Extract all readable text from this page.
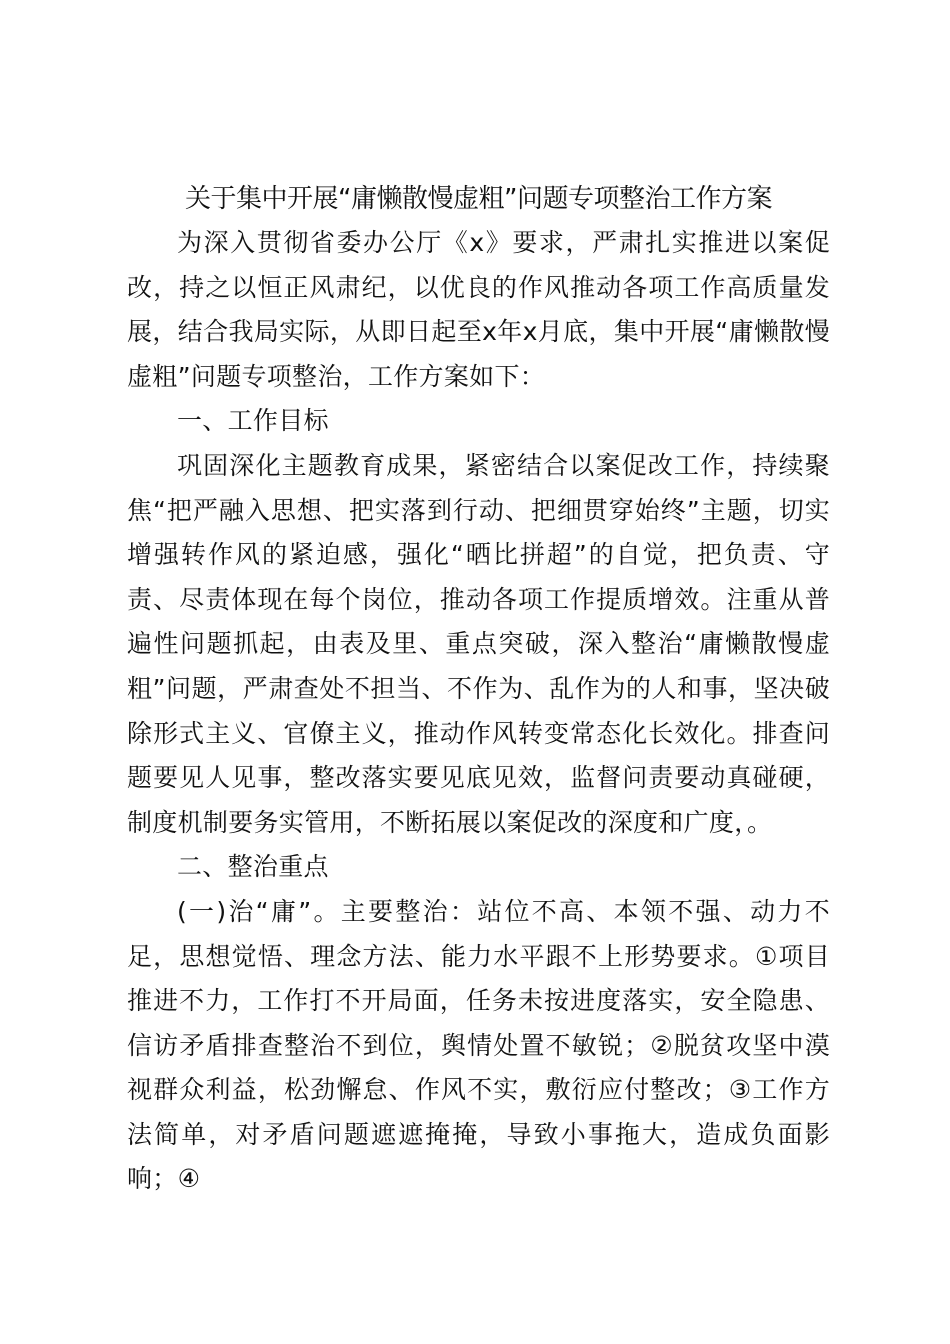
关于集中开展“庸懒散慢虚粗”问题专项整治工作方案

为深入贯彻省委办公厅《x》要求，严肃扎实推进以案促改，持之以恒正风肃纪，以优良的作风推动各项工作高质量发展，结合我局实际，从即日起至x年x月底，集中开展“庸懒散慢虚粗”问题专项整治，工作方案如下：

一、工作目标

巩固深化主题教育成果，紧密结合以案促改工作，持续聚焦“把严融入思想、把实落到行动、把细贯穿始终”主题，切实增强转作风的紧迫感，强化“晒比拼超”的自觉，把负责、守责、尽责体现在每个岗位，推动各项工作提质增效。注重从普遍性问题抓起，由表及里、重点突破，深入整治“庸懒散慢虚粗”问题，严肃查处不担当、不作为、乱作为的人和事，坚决破除形式主义、官僚主义，推动作风转变常态化长效化。排查问题要见人见事，整改落实要见底见效，监督问责要动真碰硬，制度机制要务实管用，不断拓展以案促改的深度和广度，。

二、整治重点

(一)治“庸”。主要整治：站位不高、本领不强、动力不足，思想觉悟、理念方法、能力水平跟不上形势要求。①项目推进不力，工作打不开局面，任务未按进度落实，安全隐患、信访矛盾排查整治不到位，舆情处置不敏锐；②脱贫攻坚中漠视群众利益，松劲懈怠、作风不实，敷衍应付整改；③工作方法简单，对矛盾问题遮遮掩掩，导致小事拖大，造成负面影响；④
